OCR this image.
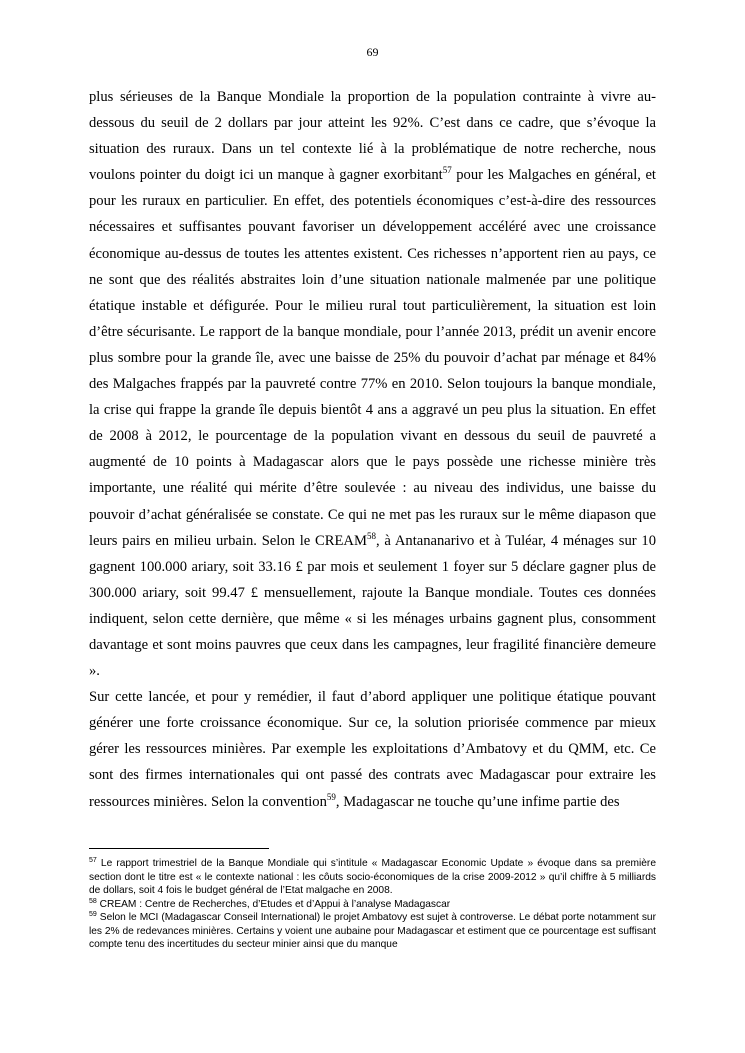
69

plus sérieuses de la Banque Mondiale la proportion de la population contrainte à vivre au-dessous du seuil de 2 dollars par jour atteint les 92%. C’est dans ce cadre, que s’évoque la situation des ruraux. Dans un tel contexte lié à la problématique de notre recherche, nous voulons pointer du doigt ici un manque à gagner exorbitant$^{57}$ pour les Malgaches en général, et pour les ruraux en particulier. En effet, des potentiels économiques c’est-à-dire des ressources nécessaires et suffisantes pouvant favoriser un développement accéléré avec une croissance économique au-dessus de toutes les attentes existent. Ces richesses n’apportent rien au pays, ce ne sont que des réalités abstraites loin d’une situation nationale malmenée par une politique étatique instable et défigurée. Pour le milieu rural tout particulièrement, la situation est loin d’être sécurisante. Le rapport de la banque mondiale, pour l’année 2013, prédit un avenir encore plus sombre pour la grande île, avec une baisse de 25% du pouvoir d’achat par ménage et 84% des Malgaches frappés par la pauvreté contre 77% en 2010. Selon toujours la banque mondiale, la crise qui frappe la grande île depuis bientôt 4 ans a aggravé un peu plus la situation. En effet de 2008 à 2012, le pourcentage de la population vivant en dessous du seuil de pauvreté a augmenté de 10 points à Madagascar alors que le pays possède une richesse minière très importante, une réalité qui mérite d’être soulevée : au niveau des individus, une baisse du pouvoir d’achat généralisée se constate. Ce qui ne met pas les ruraux sur le même diapason que leurs pairs en milieu urbain. Selon le CREAM$^{58}$, à Antananarivo et à Tuléar, 4 ménages sur 10 gagnent 100.000 ariary, soit 33.16 £ par mois et seulement 1 foyer sur 5 déclare gagner plus de 300.000 ariary, soit 99.47 £ mensuellement, rajoute la Banque mondiale. Toutes ces données indiquent, selon cette dernière, que même « si les ménages urbains gagnent plus, consomment davantage et sont moins pauvres que ceux dans les campagnes, leur fragilité financière demeure ».

Sur cette lancée, et pour y remédier, il faut d’abord appliquer une politique étatique pouvant générer une forte croissance économique. Sur ce, la solution priorisée commence par mieux gérer les ressources minières. Par exemple les exploitations d’Ambatovy et du QMM, etc. Ce sont des firmes internationales qui ont passé des contrats avec Madagascar pour extraire les ressources minières. Selon la convention$^{59}$, Madagascar ne touche qu’une infime partie des

$^{57}$ Le rapport trimestriel de la Banque Mondiale qui s’intitule « Madagascar Economic Update » évoque dans sa première section dont le titre est « le contexte national : les côuts socio-économiques de la crise 2009-2012 » qu’il chiffre à 5 milliards de dollars, soit 4 fois le budget général de l’Etat malgache en 2008.

$^{58}$ CREAM : Centre de Recherches, d’Etudes et d’Appui à l’analyse Madagascar

$^{59}$ Selon le MCI (Madagascar Conseil International) le projet Ambatovy est sujet à controverse. Le débat porte notamment sur les 2% de redevances minières. Certains y voient une aubaine pour Madagascar et estiment que ce pourcentage est suffisant compte tenu des incertitudes du secteur minier ainsi que du manque
